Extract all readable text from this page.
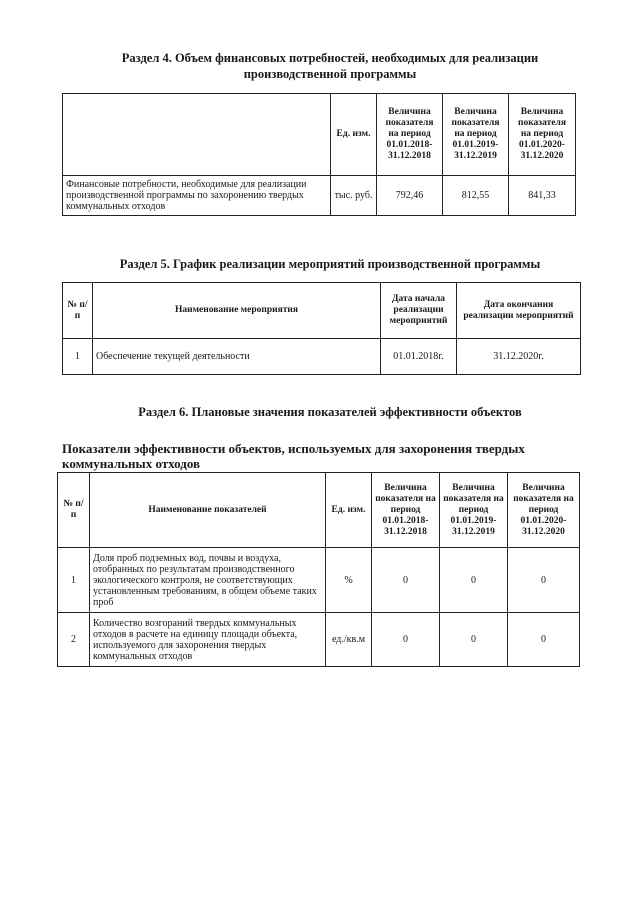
Раздел 4. Объем финансовых потребностей, необходимых для реализации
производственной программы
	Ед. изм.	Величина показателя на период 01.01.2018-31.12.2018	Величина показателя на период 01.01.2019-31.12.2019	Величина показателя на период 01.01.2020-31.12.2020
Финансовые потребности, необходимые для реализации производственной программы по захоронению твердых коммунальных отходов	тыс. руб.	792,46	812,55	841,33
Раздел 5. График реализации мероприятий производственной программы
№ п/п	Наименование мероприятия	Дата начала реализации мероприятий	Дата окончания реализации мероприятий
1	Обеспечение текущей деятельности	01.01.2018г.	31.12.2020г.
Раздел 6. Плановые значения показателей эффективности объектов
Показатели эффективности объектов, используемых для захоронения твердых
коммунальных отходов
№ п/п	Наименование показателей	Ед. изм.	Величина показателя на период 01.01.2018-31.12.2018	Величина показателя на период 01.01.2019-31.12.2019	Величина показателя на период 01.01.2020-31.12.2020
1	Доля проб подземных вод, почвы и воздуха, отобранных по результатам производственного экологического контроля, не соответствующих установленным требованиям, в общем объеме таких проб	%	0	0	0
2	Количество возгораний твердых коммунальных отходов в расчете на единицу площади объекта, используемого для захоронения твердых коммунальных отходов	ед./кв.м	0	0	0
